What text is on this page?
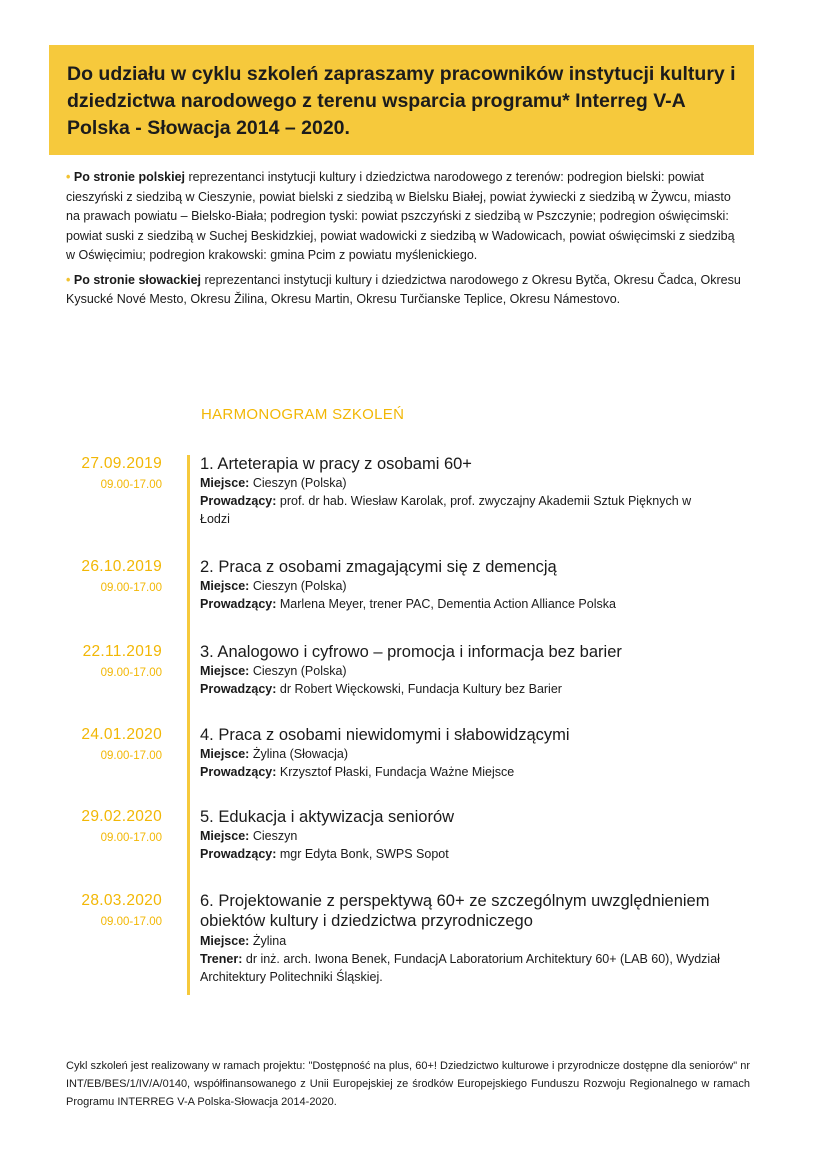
Do udziału w cyklu szkoleń zapraszamy pracowników instytucji kultury i dziedzictwa narodowego z terenu wsparcia programu* Interreg V-A Polska - Słowacja 2014 – 2020.

• Po stronie polskiej reprezentanci instytucji kultury i dziedzictwa narodowego z terenów: podregion bielski: powiat cieszyński z siedzibą w Cieszynie, powiat bielski z siedzibą w Bielsku Białej, powiat żywiecki z siedzibą w Żywcu, miasto na prawach powiatu – Bielsko-Biała; podregion tyski: powiat pszczyński z siedzibą w Pszczynie; podregion oświęcimski: powiat suski z siedzibą w Suchej Beskidzkiej, powiat wadowicki z siedzibą w Wadowicach, powiat oświęcimski z siedzibą w Oświęcimiu; podregion krakowski: gmina Pcim z powiatu myślenickiego.

• Po stronie słowackiej reprezentanci instytucji kultury i dziedzictwa narodowego z Okresu Bytča, Okresu Čadca, Okresu Kysucké Nové Mesto, Okresu Žilina, Okresu Martin, Okresu Turčianske Teplice, Okresu Námestovo.

HARMONOGRAM SZKOLEŃ
27.09.2019
09.00-17.00
1. Arteterapia w pracy z osobami 60+
Miejsce: Cieszyn (Polska)
Prowadzący: prof. dr hab. Wiesław Karolak, prof. zwyczajny Akademii Sztuk Pięknych w Łodzi
26.10.2019
09.00-17.00
2. Praca z osobami zmagającymi się z demencją
Miejsce: Cieszyn (Polska)
Prowadzący: Marlena Meyer, trener PAC, Dementia Action Alliance Polska
22.11.2019
09.00-17.00
3. Analogowo i cyfrowo – promocja i informacja bez barier
Miejsce: Cieszyn (Polska)
Prowadzący: dr Robert Więckowski, Fundacja Kultury bez Barier
24.01.2020
09.00-17.00
4. Praca z osobami niewidomymi i słabowidzącymi
Miejsce: Żylina (Słowacja)
Prowadzący: Krzysztof Płaski, Fundacja Ważne Miejsce
29.02.2020
09.00-17.00
5. Edukacja i aktywizacja seniorów
Miejsce: Cieszyn
Prowadzący: mgr Edyta Bonk, SWPS Sopot
28.03.2020
09.00-17.00
6. Projektowanie z perspektywą 60+ ze szczególnym uwzględnieniem obiektów kultury i dziedzictwa przyrodniczego
Miejsce: Żylina
Trener: dr inż. arch. Iwona Benek, FundacjA Laboratorium Architektury 60+ (LAB 60), Wydział Architektury Politechniki Śląskiej.
Cykl szkoleń jest realizowany w ramach projektu: "Dostępność na plus, 60+! Dziedzictwo kulturowe i przyrodnicze dostępne dla seniorów" nr INT/EB/BES/1/IV/A/0140, współfinansowanego z Unii Europejskiej ze środków Europejskiego Funduszu Rozwoju Regionalnego w ramach Programu INTERREG V-A Polska-Słowacja 2014-2020.
